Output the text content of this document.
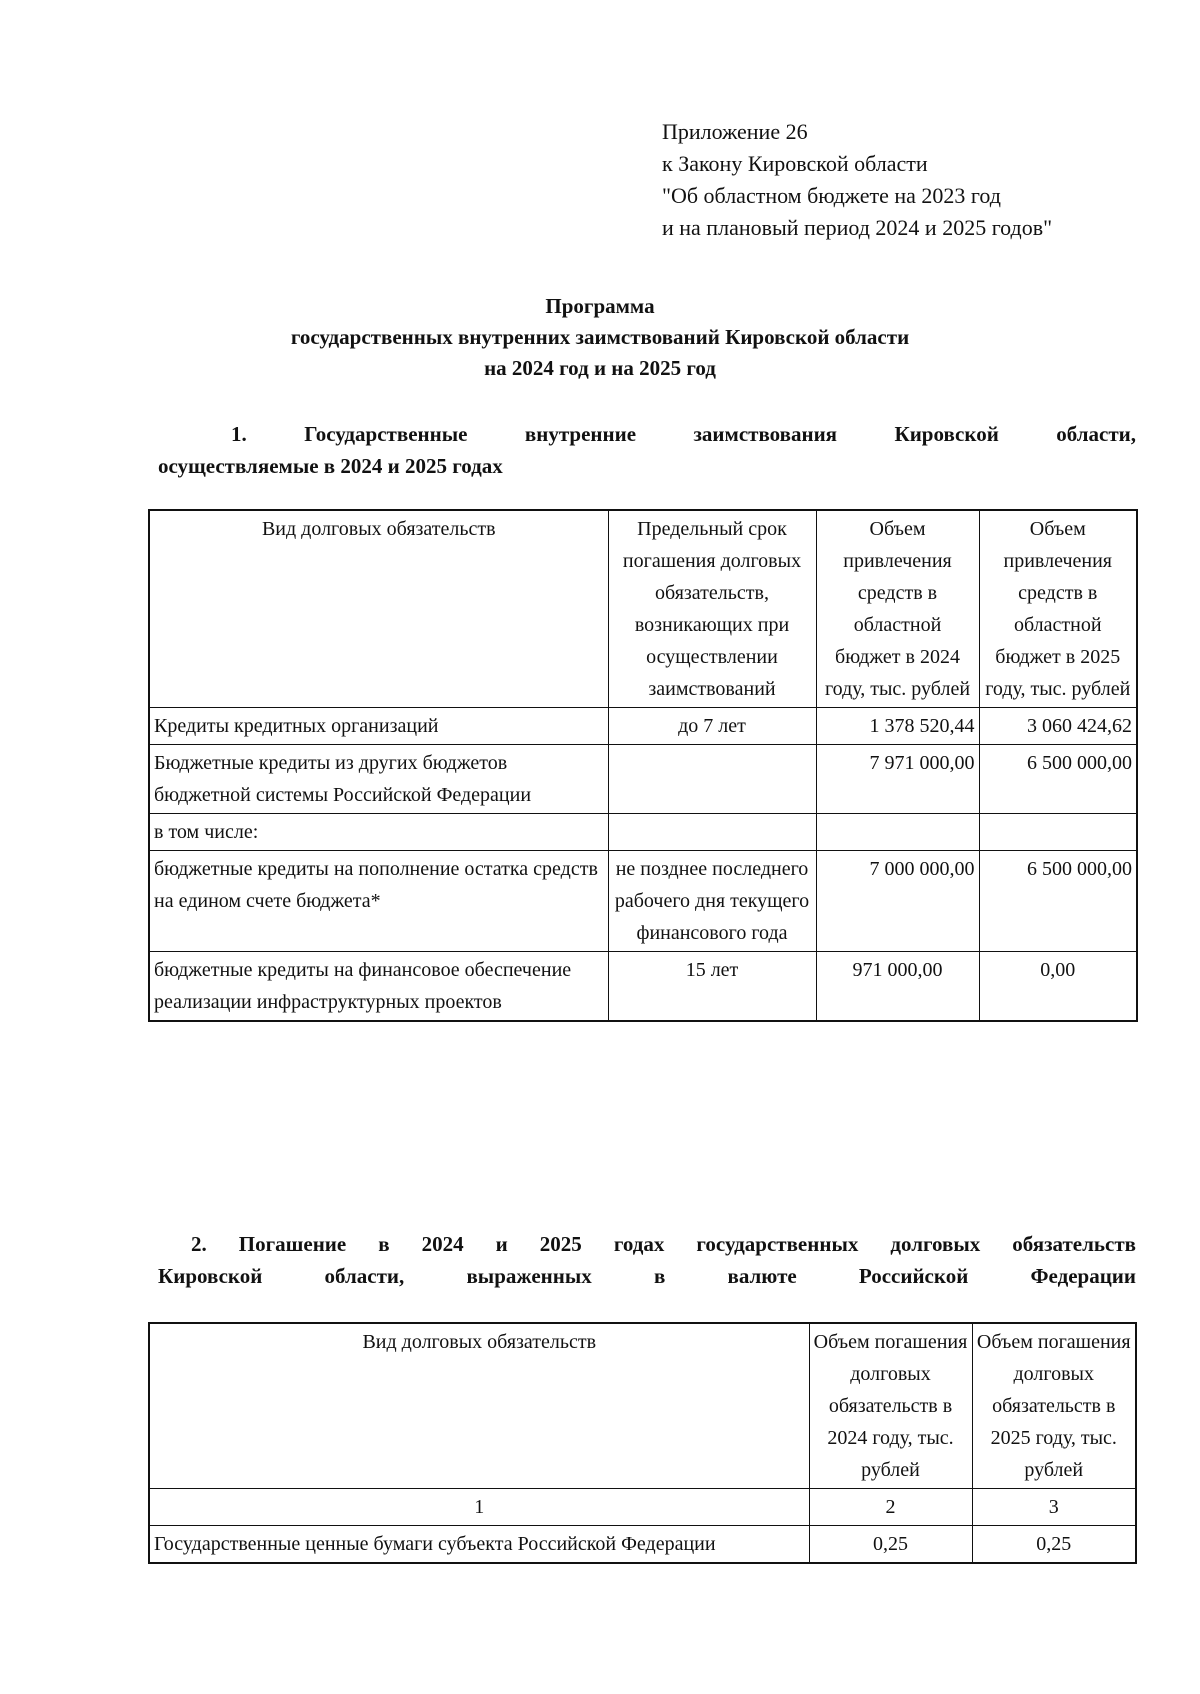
Приложение 26
к Закону Кировской области
"Об областном бюджете на 2023 год
и на плановый период 2024 и 2025 годов"
Программа
государственных внутренних заимствований Кировской области
на 2024 год и на 2025 год
1. Государственные внутренние заимствования Кировской области,
осуществляемые в 2024 и 2025 годах
Вид долговых обязательств	Предельный срок погашения долговых обязательств, возникающих при осуществлении заимствований	Объем привлечения средств в областной бюджет в 2024 году, тыс. рублей	Объем привлечения средств в областной бюджет в 2025 году, тыс. рублей
Кредиты кредитных организаций	до 7 лет	1 378 520,44	3 060 424,62
Бюджетные кредиты из других бюджетов бюджетной системы Российской Федерации		7 971 000,00	6 500 000,00
в том числе:			
бюджетные кредиты на пополнение остатка средств на едином счете бюджета*	не позднее последнего рабочего дня текущего финансового года	7 000 000,00	6 500 000,00
бюджетные кредиты на финансовое обеспечение реализации инфраструктурных проектов	15 лет	971 000,00	0,00
2. Погашение в 2024 и 2025 годах государственных долговых обязательств
Кировской области, выраженных в валюте Российской Федерации
Вид долговых обязательств	Объем погашения долговых обязательств в 2024 году, тыс. рублей	Объем погашения долговых обязательств в 2025 году, тыс. рублей
1	2	3
Государственные ценные бумаги субъекта Российской Федерации	0,25	0,25
